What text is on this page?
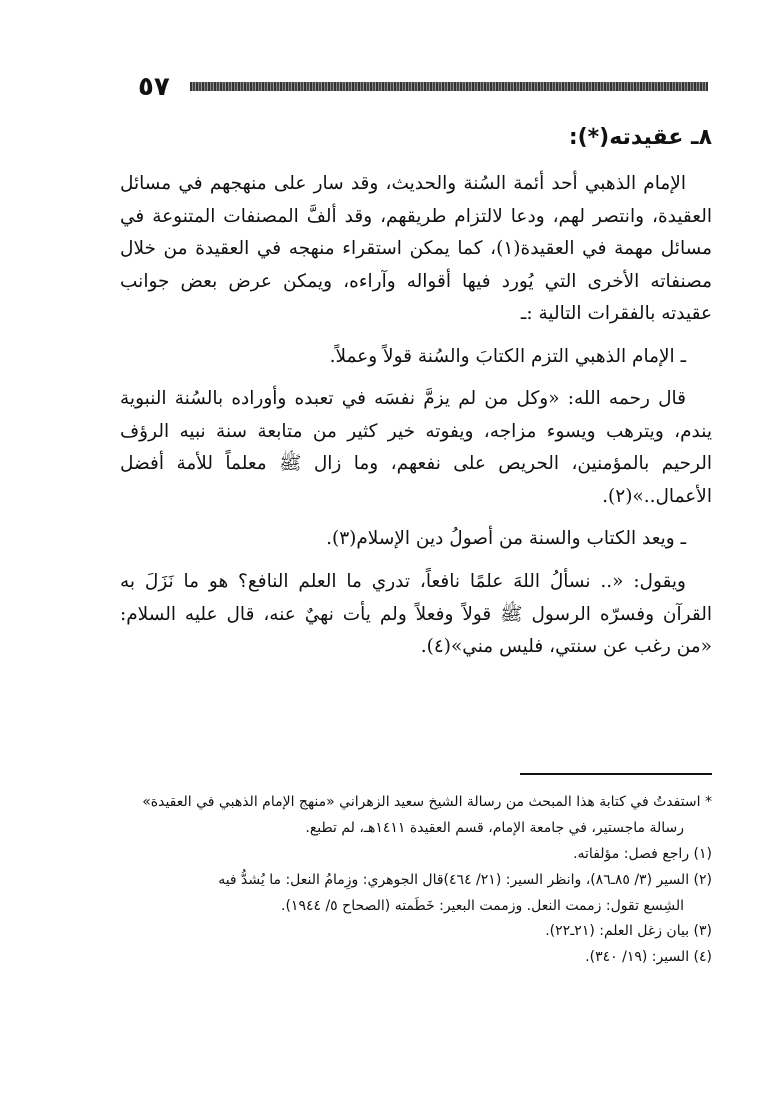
٥٧
٨ـ عقيدته(*):

الإمام الذهبي أحد أئمة السُنة والحديث، وقد سار على منهجهم في مسائل العقيدة، وانتصر لهم، ودعا لالتزام طريقهم، وقد ألفَّ المصنفات المتنوعة في مسائل مهمة في العقيدة(١)، كما يمكن استقراء منهجه في العقيدة من خلال مصنفاته الأخرى التي يُورد فيها أقواله وآراءه، ويمكن عرض بعض جوانب عقيدته بالفقرات التالية :ـ

ـ الإمام الذهبي التزم الكتابَ والسُنة قولاً وعملاً.

قال رحمه الله: «وكل من لم يزمَّ نفسَه في تعبده وأوراده بالسُنة النبوية يندم، ويترهب ويسوء مزاجه، ويفوته خير كثير من متابعة سنة نبيه الرؤف الرحيم بالمؤمنين، الحريص على نفعهم، وما زال ﷺ معلماً للأمة أفضل الأعمال..»(٢).

ـ ويعد الكتاب والسنة من أصولُ دين الإسلام(٣).

ويقول: «.. نسألُ اللهَ علمًا نافعاً، تدري ما العلم النافع؟ هو ما نَزَلَ به القرآن وفسرّه الرسول ﷺ قولاً وفعلاً ولم يأت نهيٌ عنه، قال عليه السلام: «من رغب عن سنتي، فليس مني»(٤).

* استفدتُ في كتابة هذا المبحث من رسالة الشيخ سعيد الزهراني «منهج الإمام الذهبي في العقيدة»

رسالة ماجستير، في جامعة الإمام، قسم العقيدة ١٤١١هـ، لم تطبع.

(١) راجع فصل: مؤلفاته.

(٢) السير (٣/ ٨٥ـ٨٦)، وانظر السير: (٢١/ ٤٦٤)قال الجوهري: وزِمامُ النعل: ما يُشدُّ فيه

الشِسع تقول: زممت النعل. وزممت البعير: خَطَمته (الصحاح ٥/ ١٩٤٤).

(٣) بيان زغل العلم: (٢١ـ٢٢).

(٤) السير: (١٩/ ٣٤٠).
